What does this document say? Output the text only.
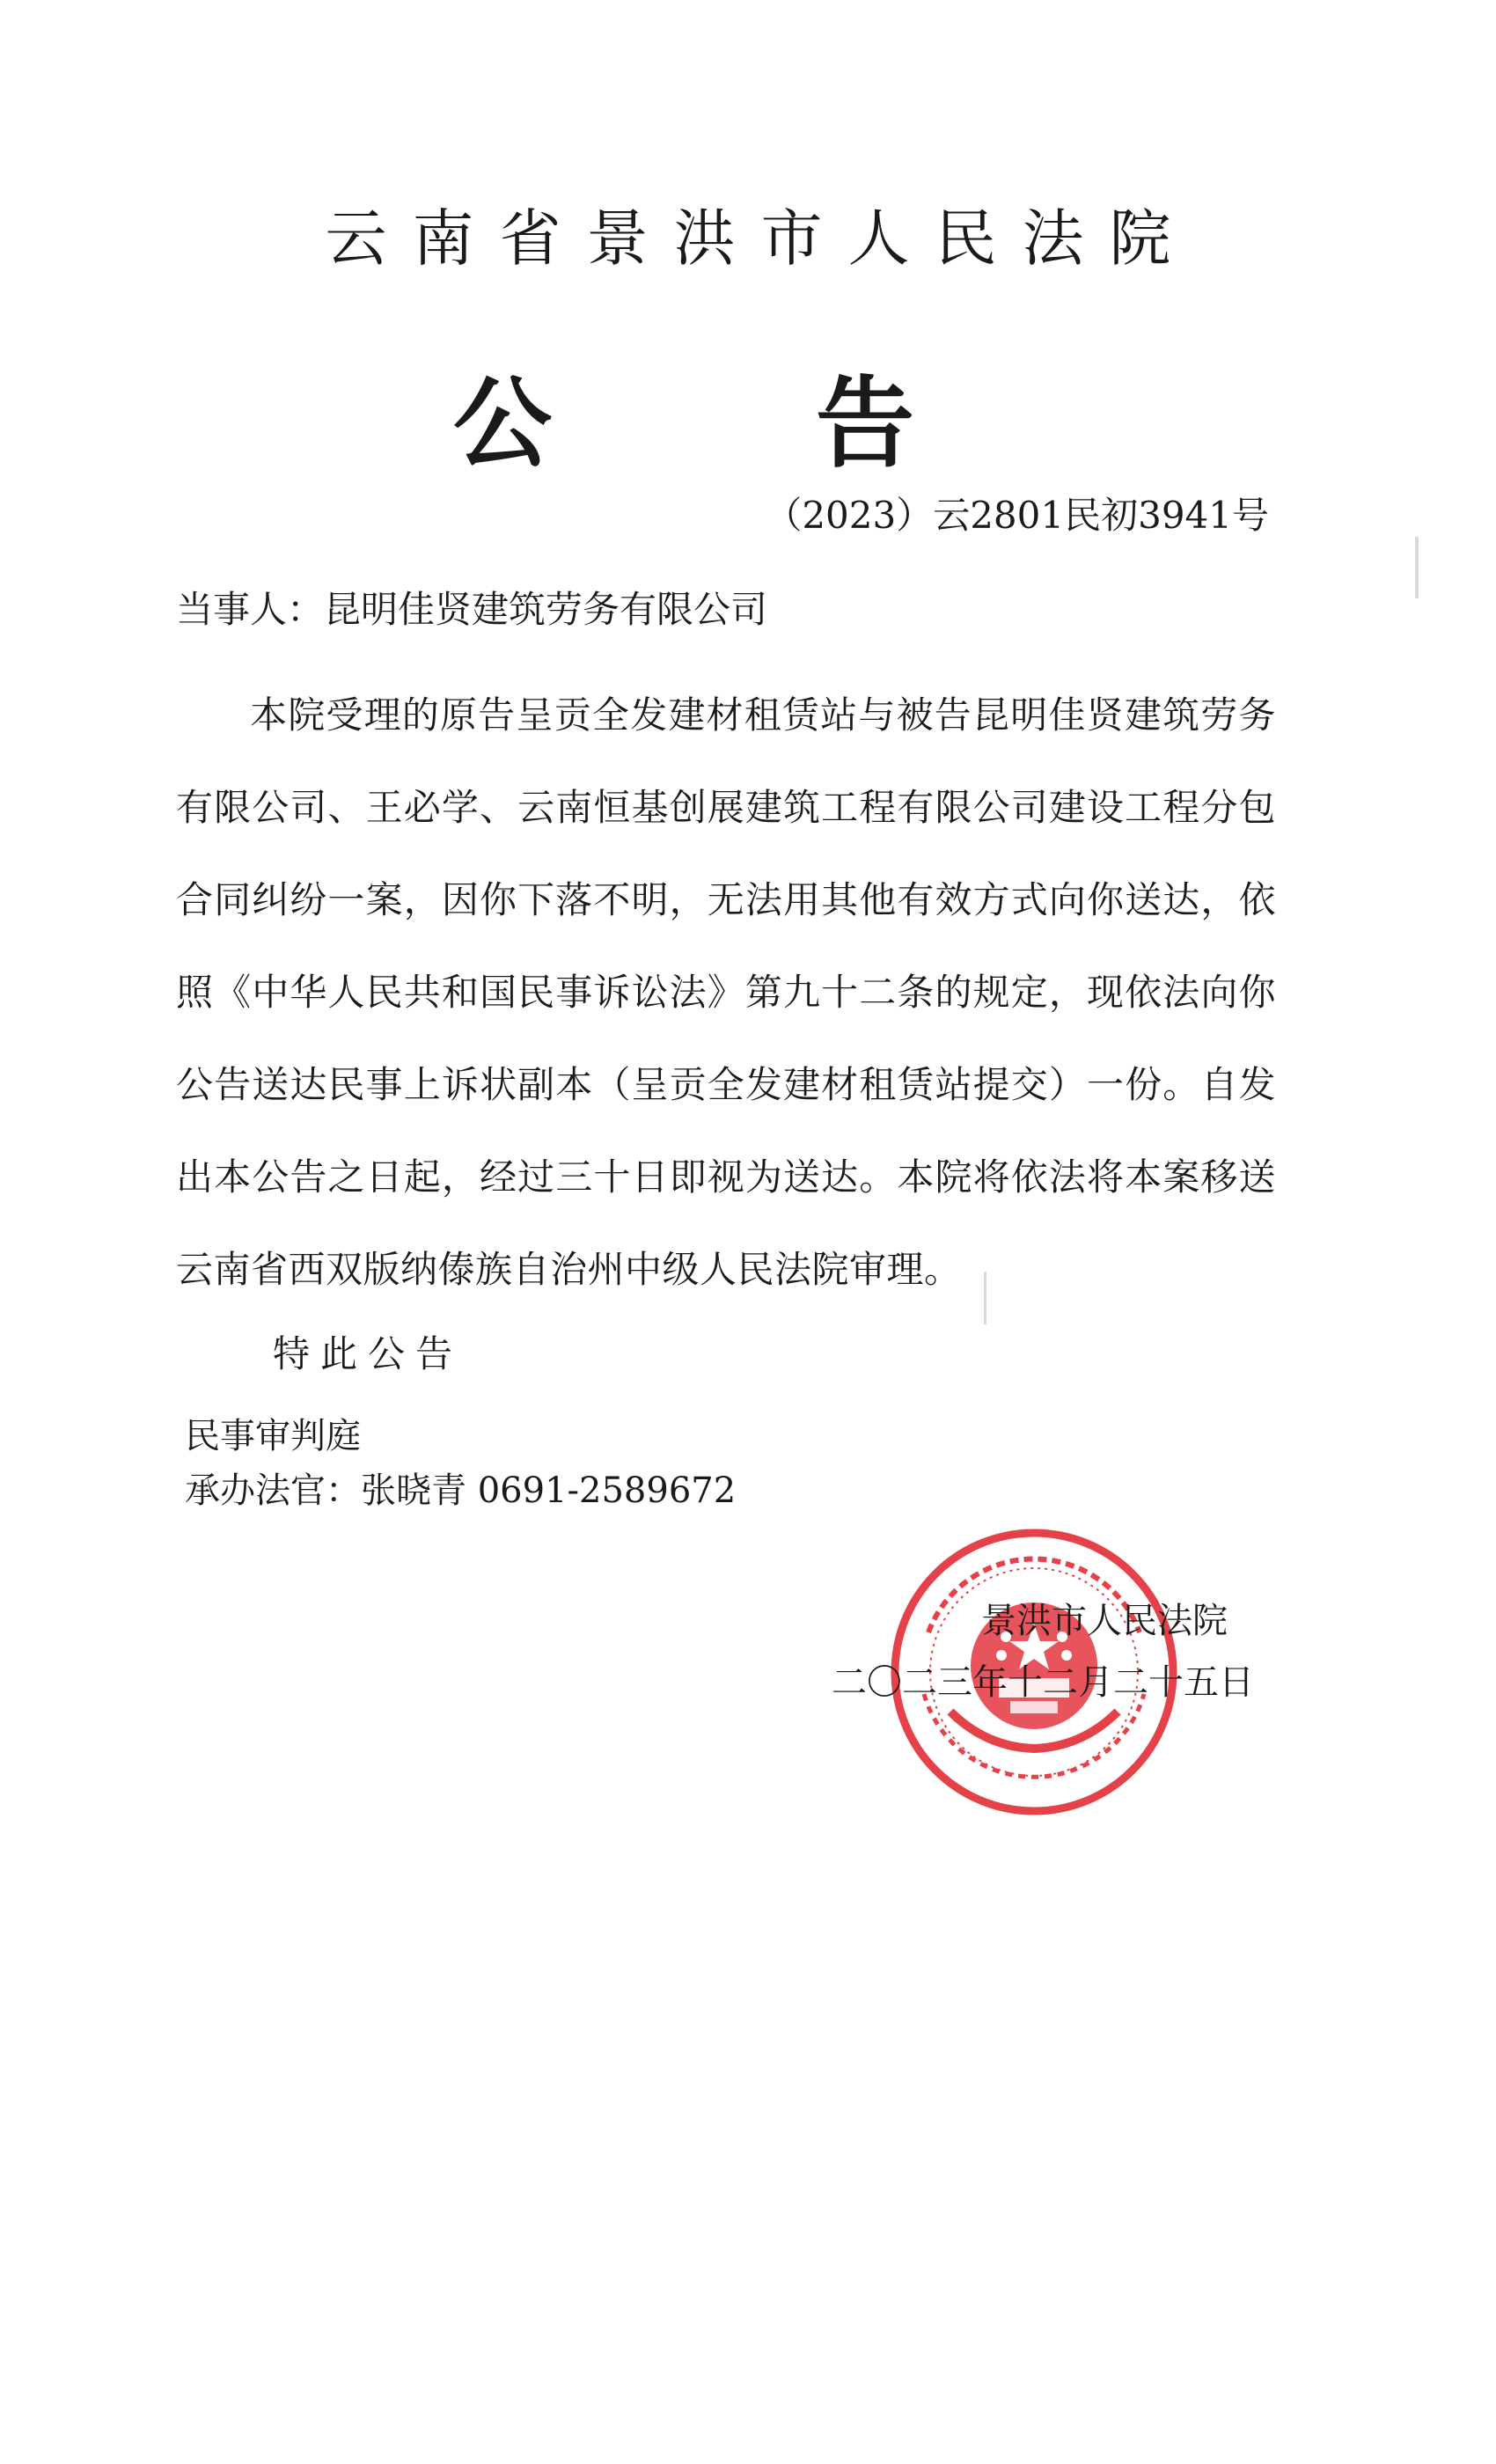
云南省景洪市人民法院
公告
（2023）云2801民初3941号
当事人：昆明佳贤建筑劳务有限公司
本院受理的原告呈贡全发建材租赁站与被告昆明佳贤建筑劳务有限公司、王必学、云南恒基创展建筑工程有限公司建设工程分包合同纠纷一案，因你下落不明，无法用其他有效方式向你送达，依照《中华人民共和国民事诉讼法》第九十二条的规定，现依法向你公告送达民事上诉状副本（呈贡全发建材租赁站提交）一份。自发出本公告之日起，经过三十日即视为送达。本院将依法将本案移送云南省西双版纳傣族自治州中级人民法院审理。
特此公告
民事审判庭
承办法官：张晓青 0691-2589672
景洪市人民法院
二〇二三年十二月二十五日
